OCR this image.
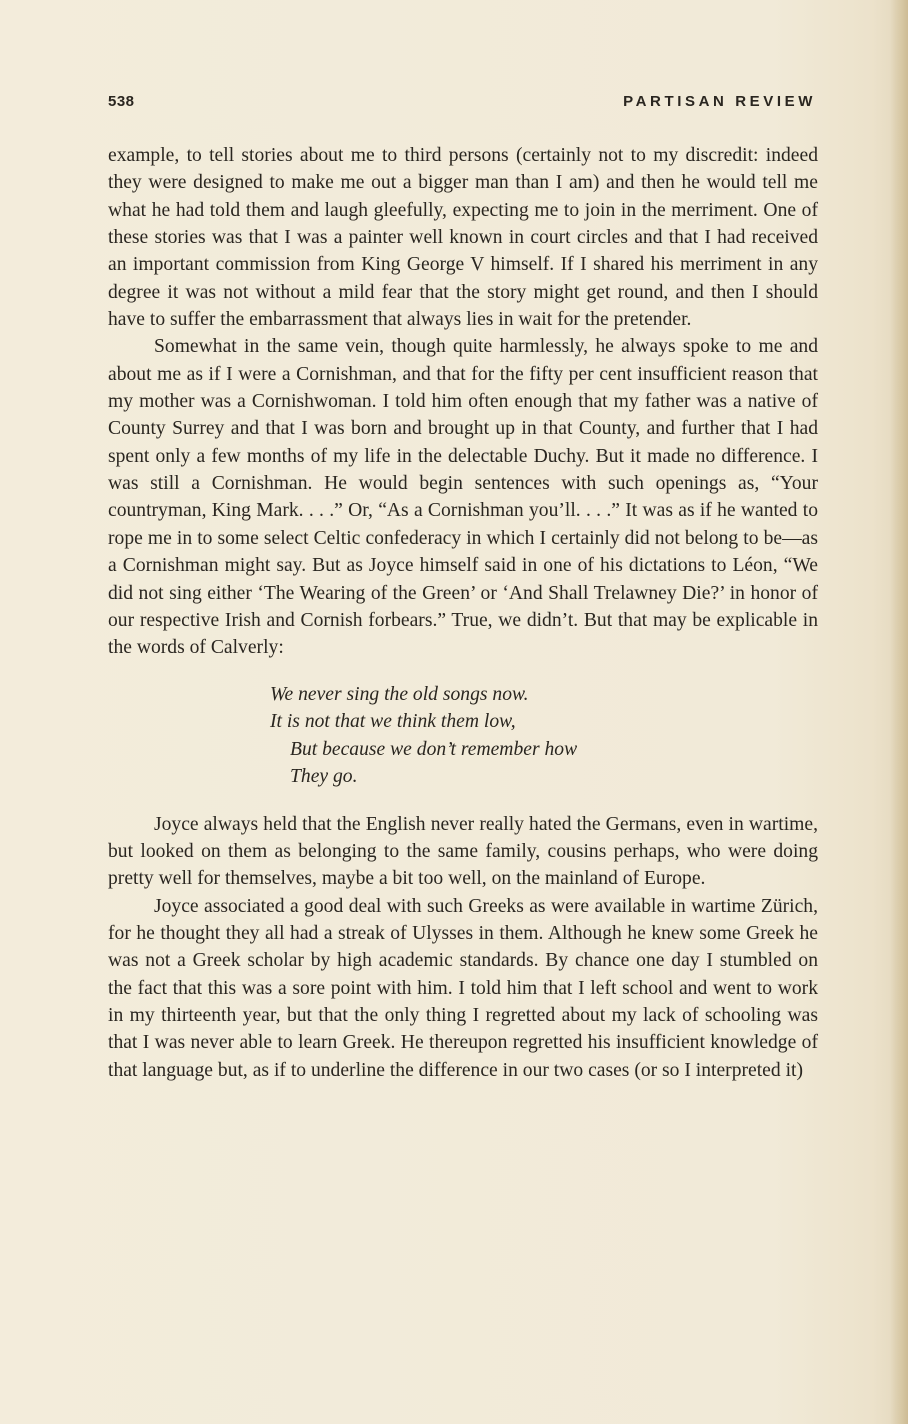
538	PARTISAN REVIEW

example, to tell stories about me to third persons (certainly not to my discredit: indeed they were designed to make me out a bigger man than I am) and then he would tell me what he had told them and laugh gleefully, expecting me to join in the merriment. One of these stories was that I was a painter well known in court circles and that I had received an important commission from King George V himself. If I shared his merriment in any degree it was not without a mild fear that the story might get round, and then I should have to suffer the embarrassment that always lies in wait for the pretender.

Somewhat in the same vein, though quite harmlessly, he always spoke to me and about me as if I were a Cornishman, and that for the fifty per cent insufficient reason that my mother was a Cornishwoman. I told him often enough that my father was a native of County Surrey and that I was born and brought up in that County, and further that I had spent only a few months of my life in the delectable Duchy. But it made no difference. I was still a Cornishman. He would begin sentences with such openings as, “Your countryman, King Mark. . . .” Or, “As a Cornishman you’ll. . . .” It was as if he wanted to rope me in to some select Celtic confederacy in which I certainly did not belong to be—as a Cornishman might say. But as Joyce himself said in one of his dictations to Léon, “We did not sing either ‘The Wearing of the Green’ or ‘And Shall Trelawney Die?’ in honor of our respective Irish and Cornish forbears.” True, we didn’t. But that may be explicable in the words of Calverly:

We never sing the old songs now.
It is not that we think them low,
But because we don’t remember how
They go.

Joyce always held that the English never really hated the Germans, even in wartime, but looked on them as belonging to the same family, cousins perhaps, who were doing pretty well for themselves, maybe a bit too well, on the mainland of Europe.

Joyce associated a good deal with such Greeks as were available in wartime Zürich, for he thought they all had a streak of Ulysses in them. Although he knew some Greek he was not a Greek scholar by high academic standards. By chance one day I stumbled on the fact that this was a sore point with him. I told him that I left school and went to work in my thirteenth year, but that the only thing I regretted about my lack of schooling was that I was never able to learn Greek. He thereupon regretted his insufficient knowledge of that language but, as if to underline the difference in our two cases (or so I interpreted it)
